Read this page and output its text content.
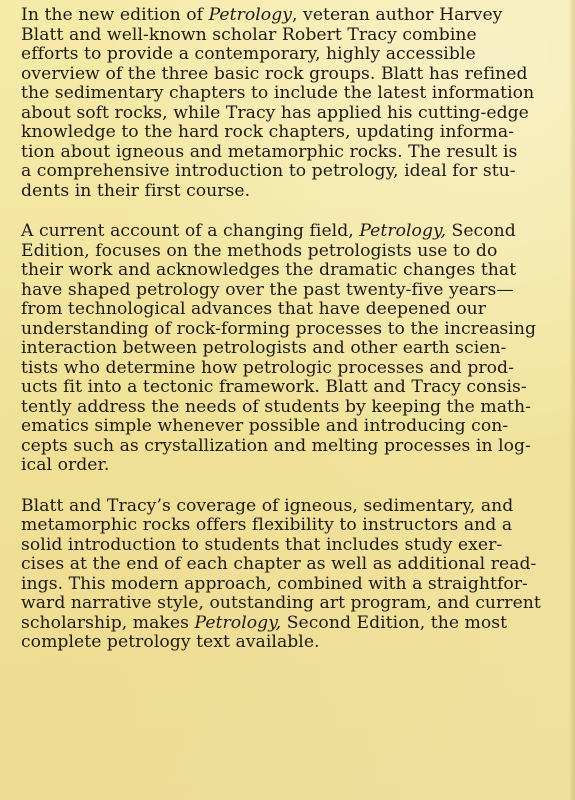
In the new edition of Petrology, veteran author Harvey
Blatt and well-known scholar Robert Tracy combine
efforts to provide a contemporary, highly accessible
overview of the three basic rock groups. Blatt has refined
the sedimentary chapters to include the latest information
about soft rocks, while Tracy has applied his cutting-edge
knowledge to the hard rock chapters, updating informa-
tion about igneous and metamorphic rocks. The result is
a comprehensive introduction to petrology, ideal for stu-
dents in their first course.
A current account of a changing field, Petrology, Second
Edition, focuses on the methods petrologists use to do
their work and acknowledges the dramatic changes that
have shaped petrology over the past twenty-five years—
from technological advances that have deepened our
understanding of rock-forming processes to the increasing
interaction between petrologists and other earth scien-
tists who determine how petrologic processes and prod-
ucts fit into a tectonic framework. Blatt and Tracy consis-
tently address the needs of students by keeping the math-
ematics simple whenever possible and introducing con-
cepts such as crystallization and melting processes in log-
ical order.
Blatt and Tracy’s coverage of igneous, sedimentary, and
metamorphic rocks offers flexibility to instructors and a
solid introduction to students that includes study exer-
cises at the end of each chapter as well as additional read-
ings. This modern approach, combined with a straightfor-
ward narrative style, outstanding art program, and current
scholarship, makes Petrology, Second Edition, the most
complete petrology text available.
